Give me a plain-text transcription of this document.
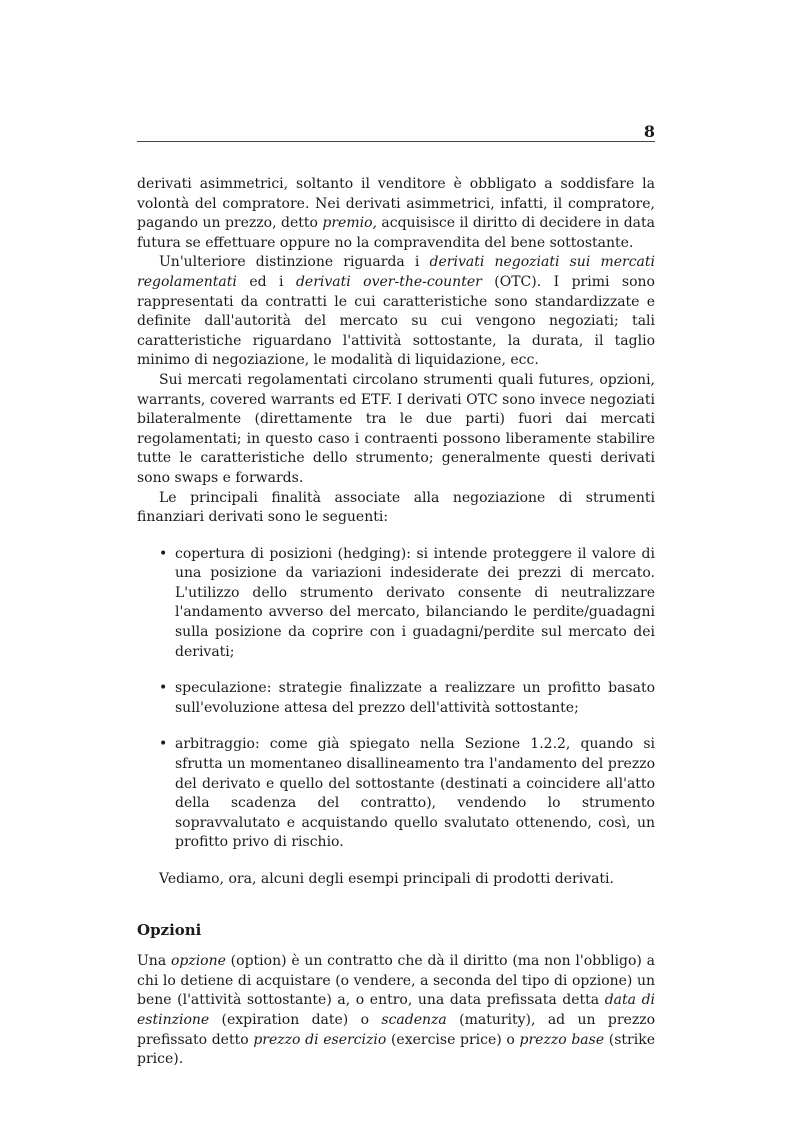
8

derivati asimmetrici, soltanto il venditore è obbligato a soddisfare la volontà del compratore. Nei derivati asimmetrici, infatti, il compratore, pagando un prezzo, detto premio, acquisisce il diritto di decidere in data futura se effettuare oppure no la compravendita del bene sottostante.

Un'ulteriore distinzione riguarda i derivati negoziati sui mercati regolamentati ed i derivati over-the-counter (OTC). I primi sono rappresentati da contratti le cui caratteristiche sono standardizzate e definite dall'autorità del mercato su cui vengono negoziati; tali caratteristiche riguardano l'attività sottostante, la durata, il taglio minimo di negoziazione, le modalità di liquidazione, ecc.

Sui mercati regolamentati circolano strumenti quali futures, opzioni, warrants, covered warrants ed ETF. I derivati OTC sono invece negoziati bilateralmente (direttamente tra le due parti) fuori dai mercati regolamentati; in questo caso i contraenti possono liberamente stabilire tutte le caratteristiche dello strumento; generalmente questi derivati sono swaps e forwards.

Le principali finalità associate alla negoziazione di strumenti finanziari derivati sono le seguenti:

• copertura di posizioni (hedging): si intende proteggere il valore di una posizione da variazioni indesiderate dei prezzi di mercato. L'utilizzo dello strumento derivato consente di neutralizzare l'andamento avverso del mercato, bilanciando le perdite/guadagni sulla posizione da coprire con i guadagni/perdite sul mercato dei derivati;
• speculazione: strategie finalizzate a realizzare un profitto basato sull'evoluzione attesa del prezzo dell'attività sottostante;
• arbitraggio: come già spiegato nella Sezione 1.2.2, quando si sfrutta un momentaneo disallineamento tra l'andamento del prezzo del derivato e quello del sottostante (destinati a coincidere all'atto della scadenza del contratto), vendendo lo strumento sopravvalutato e acquistando quello svalutato ottenendo, così, un profitto privo di rischio.

Vediamo, ora, alcuni degli esempi principali di prodotti derivati.

Opzioni

Una opzione (option) è un contratto che dà il diritto (ma non l'obbligo) a chi lo detiene di acquistare (o vendere, a seconda del tipo di opzione) un bene (l'attività sottostante) a, o entro, una data prefissata detta data di estinzione (expiration date) o scadenza (maturity), ad un prezzo prefissato detto prezzo di esercizio (exercise price) o prezzo base (strike price).
